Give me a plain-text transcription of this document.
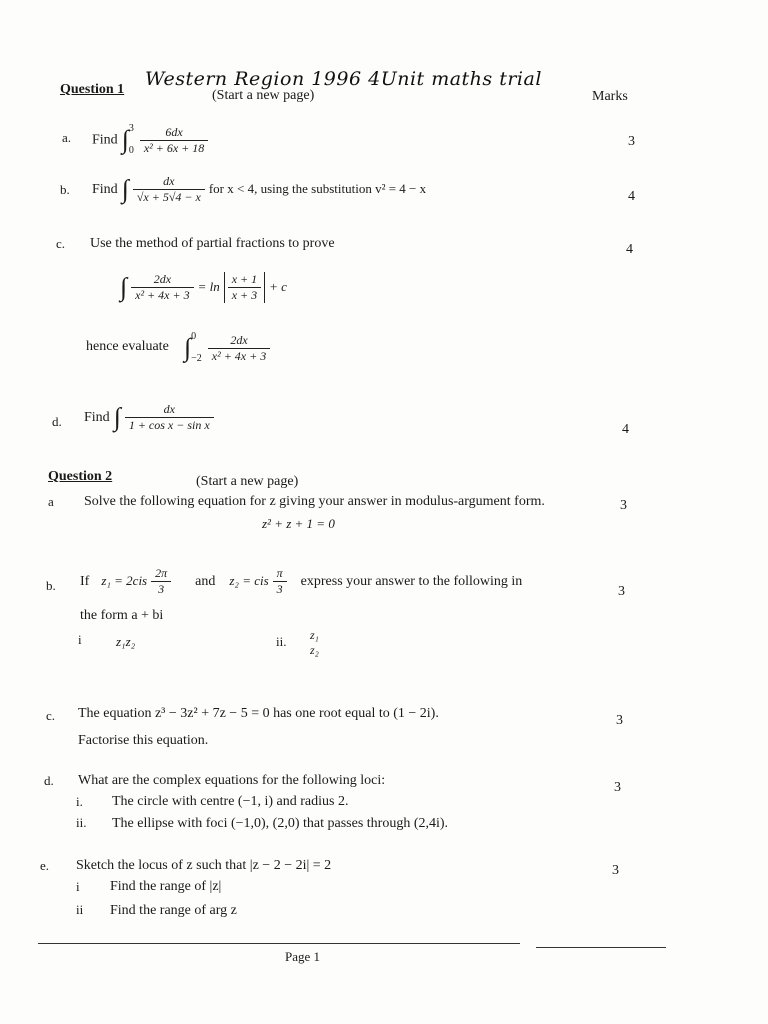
Western Region 1996 4Unit maths trial
Question 1	(Start a new page)	Marks
a. Find ∫ 3
0
$\frac{6dx}{\text{x² + 6x + 18}}$	3
b. Find ∫ $\frac{dx}{√x + 5√4 - x}$ for x < 4, using the substitution v² = 4 − x
4
c. Use the method of partial fractions to prove	4
∫ $\frac{2dx}{\text{x² + 4x + 3}} = \ln \frac{x + 1}{x + 3} + c$
hence evaluate ∫ 0
−2
$\frac{2dx}{\text{x² + 4x + 3}}$
d. Find ∫ $\frac{dx}{\text{1 + cos x − sin x}}$	4
Question 2	(Start a new page)
a Solve the following equation for z giving your answer in modulus-argument form.
z² + z + 1 = 0
3
b. If $z_1 = 2cis \frac{2\pi}{3}$ and z₂ = cis $\frac{\pi}{3}$ express your answer to the following in
the form a + bi
i	z₁z₂	ii.	z₁
z₂
3
c. The equation z³ − 3z² + 7z − 5 = 0 has one root equal to (1 − 2i).
Factorise this equation.
3
d. What are the complex equations for the following loci:
i. The circle with centre (−1, i) and radius 2.
ii. The ellipse with foci (−1,0), (2,0) that passes through (2,4i).
3
e. Sketch the locus of z such that |z − 2 − 2i| = 2
i Find the range of |z|
ii Find the range of arg z
3
Page 1
